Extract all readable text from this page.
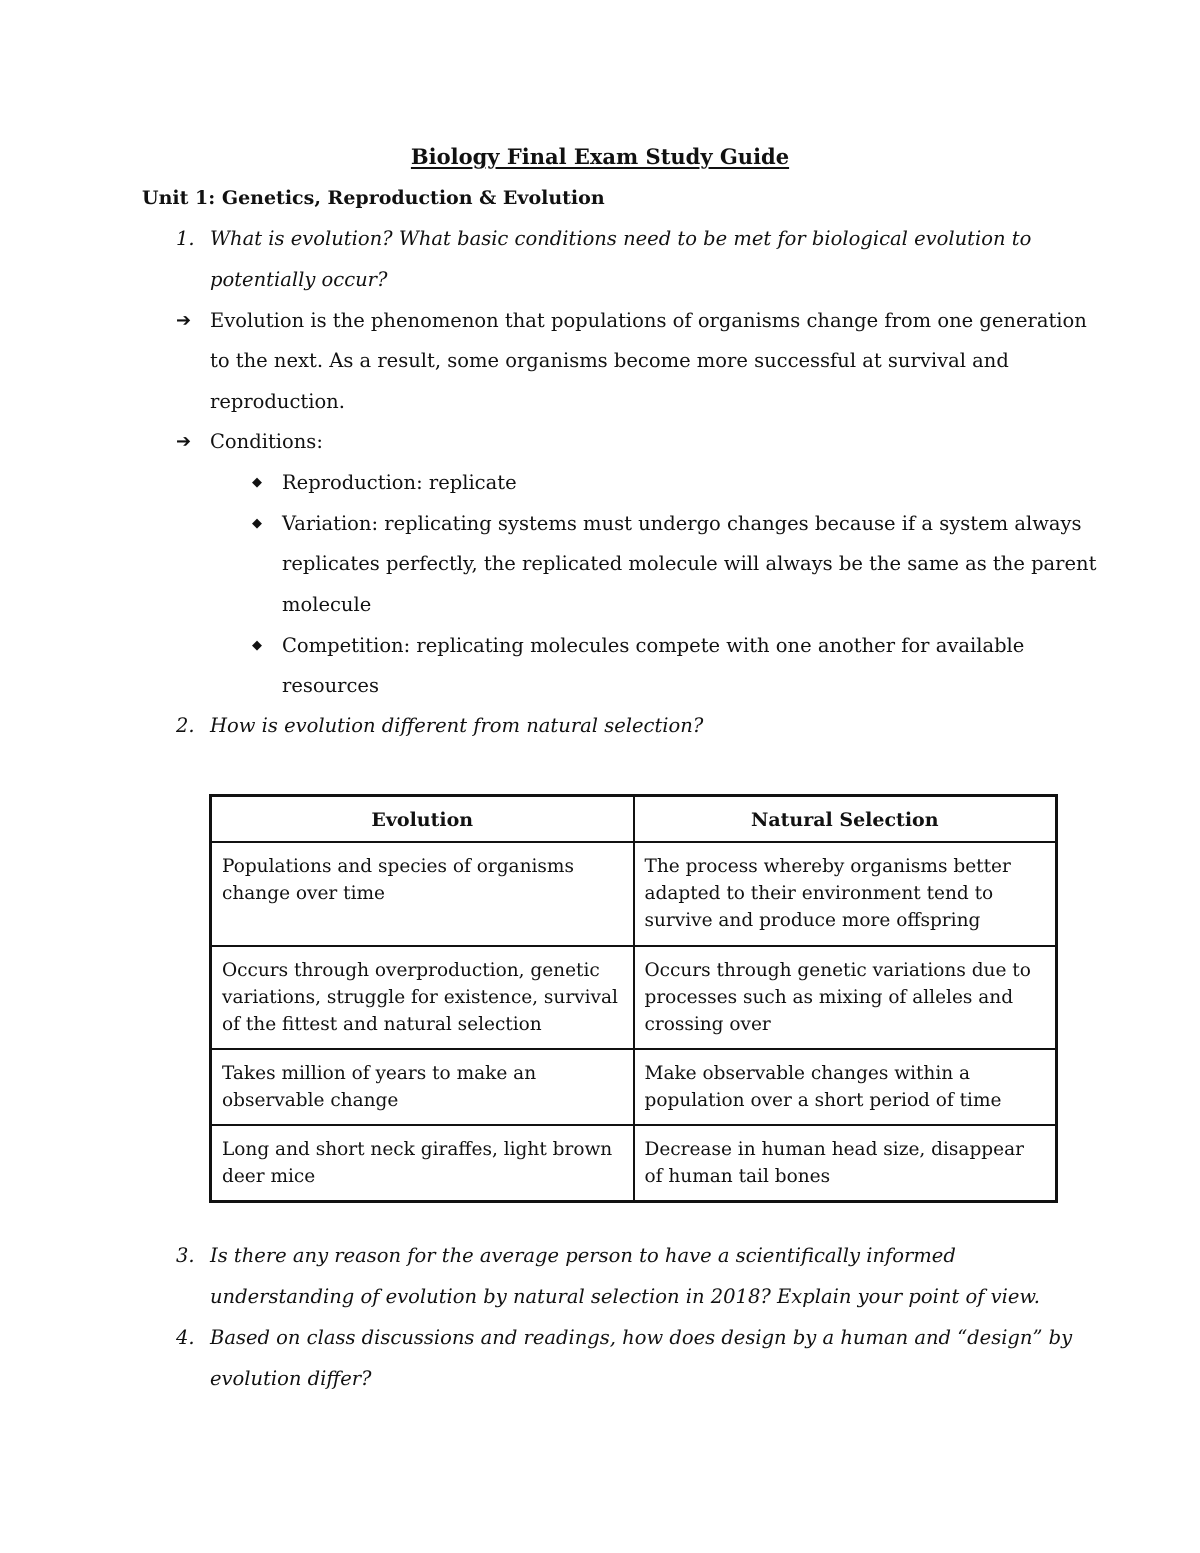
Biology Final Exam Study Guide
Unit 1: Genetics, Reproduction & Evolution
1. What is evolution? What basic conditions need to be met for biological evolution to
potentially occur?
➔ Evolution is the phenomenon that populations of organisms change from one generation
to the next. As a result, some organisms become more successful at survival and
reproduction.
➔ Conditions:
◆ Reproduction: replicate
◆ Variation: replicating systems must undergo changes because if a system always
replicates perfectly, the replicated molecule will always be the same as the parent
molecule
◆ Competition: replicating molecules compete with one another for available
resources
2. How is evolution different from natural selection?
Evolution	Natural Selection
Populations and species of organisms change over time	The process whereby organisms better adapted to their environment tend to survive and produce more offspring
Occurs through overproduction, genetic variations, struggle for existence, survival of the fittest and natural selection	Occurs through genetic variations due to processes such as mixing of alleles and crossing over
Takes million of years to make an observable change	Make observable changes within a population over a short period of time
Long and short neck giraffes, light brown deer mice	Decrease in human head size, disappear of human tail bones
3. Is there any reason for the average person to have a scientifically informed
understanding of evolution by natural selection in 2018? Explain your point of view.
4. Based on class discussions and readings, how does design by a human and “design” by
evolution differ?
